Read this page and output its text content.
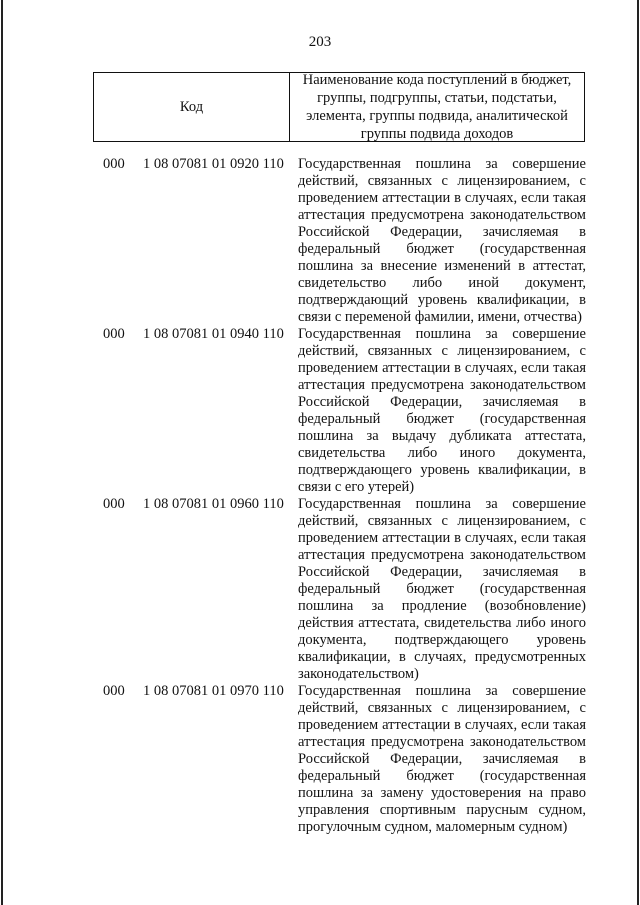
203
Код
Наименование кода поступлений в бюджет, группы, подгруппы, статьи, подстатьи, элемента, группы подвида, аналитической группы подвида доходов
000 1 08 07081 01 0920 110 Государственная пошлина за совершение действий, связанных с лицензированием, с проведением аттестации в случаях, если такая аттестация предусмотрена законодательством Российской Федерации, зачисляемая в федеральный бюджет (государственная пошлина за внесение изменений в аттестат, свидетельство либо иной документ, подтверждающий уровень квалификации, в связи с переменой фамилии, имени, отчества)
000 1 08 07081 01 0940 110 Государственная пошлина за совершение действий, связанных с лицензированием, с проведением аттестации в случаях, если такая аттестация предусмотрена законодательством Российской Федерации, зачисляемая в федеральный бюджет (государственная пошлина за выдачу дубликата аттестата, свидетельства либо иного документа, подтверждающего уровень квалификации, в связи с его утерей)
000 1 08 07081 01 0960 110 Государственная пошлина за совершение действий, связанных с лицензированием, с проведением аттестации в случаях, если такая аттестация предусмотрена законодательством Российской Федерации, зачисляемая в федеральный бюджет (государственная пошлина за продление (возобновление) действия аттестата, свидетельства либо иного документа, подтверждающего уровень квалификации, в случаях, предусмотренных законодательством)
000 1 08 07081 01 0970 110 Государственная пошлина за совершение действий, связанных с лицензированием, с проведением аттестации в случаях, если такая аттестация предусмотрена законодательством Российской Федерации, зачисляемая в федеральный бюджет (государственная пошлина за замену удостоверения на право управления спортивным парусным судном, прогулочным судном, маломерным судном)
